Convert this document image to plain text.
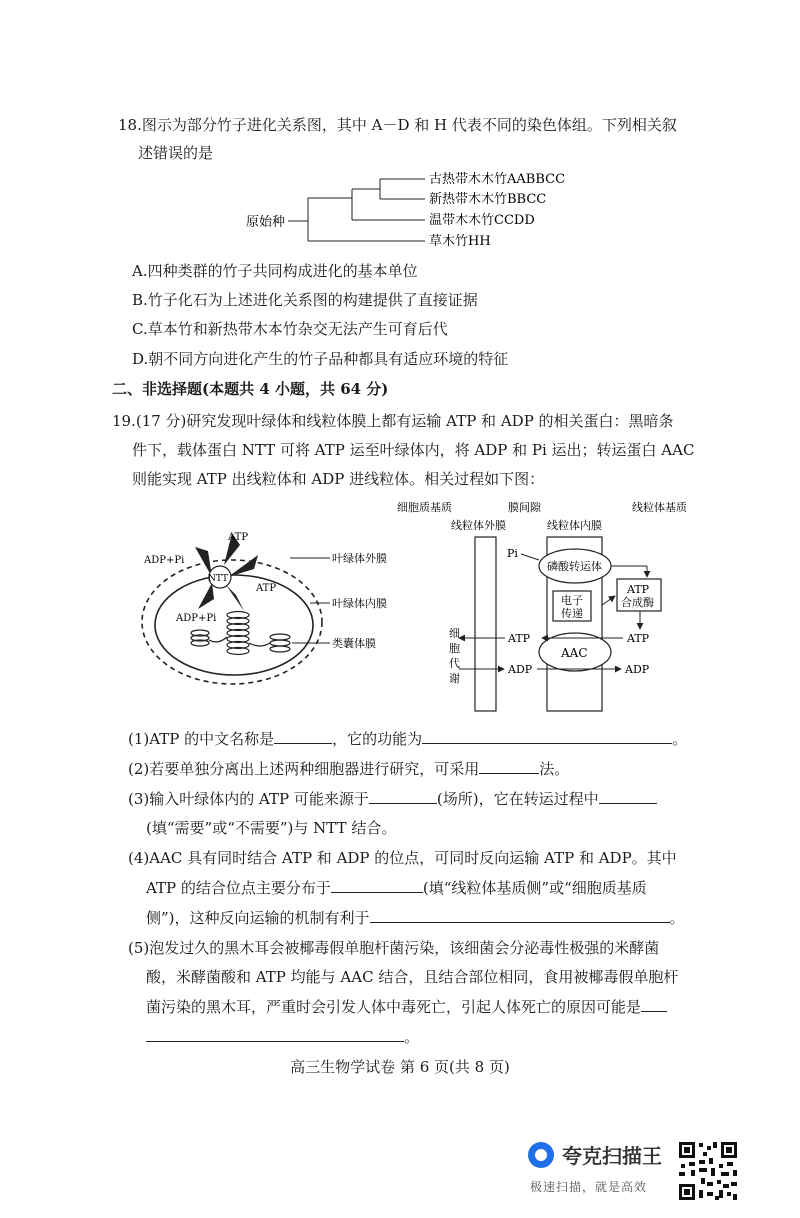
18.图示为部分竹子进化关系图，其中 A－D 和 H 代表不同的染色体组。下列相关叙
述错误的是
原始种
古热带木木竹AABBCC
新热带木木竹BBCC
温带木木竹CCDD
草木竹HH
A.四种类群的竹子共同构成进化的基本单位
B.竹子化石为上述进化关系图的构建提供了直接证据
C.草本竹和新热带木本竹杂交无法产生可育后代
D.朝不同方向进化产生的竹子品种都具有适应环境的特征
二、非选择题(本题共 4 小题，共 64 分)
19.(17 分)研究发现叶绿体和线粒体膜上都有运输 ATP 和 ADP 的相关蛋白：黑暗条
件下，载体蛋白 NTT 可将 ATP 运至叶绿体内，将 ADP 和 Pi 运出；转运蛋白 AAC
则能实现 ATP 出线粒体和 ADP 进线粒体。相关过程如下图：
NTT
ATP
ADP+Pi
ATP
ADP+Pi
叶绿体外膜
叶绿体内膜
类囊体膜
细胞质基质	膜间隙	线粒体基质
线粒体外膜	线粒体内膜
磷酸转运体
Pi
电子
传递
ATP
合成酶
AAC
ATP
ATP
ADP	ADP
细
胞
代
谢
(1)ATP 的中文名称是	，它的功能为	。
(2)若要单独分离出上述两种细胞器进行研究，可采用	法。
(3)输入叶绿体内的 ATP 可能来源于	(场所)，它在转运过程中
(填“需要”或“不需要”)与 NTT 结合。
(4)AAC 具有同时结合 ATP 和 ADP 的位点，可同时反向运输 ATP 和 ADP。其中
ATP 的结合位点主要分布于	(填“线粒体基质侧”或“细胞质基质
侧”)，这种反向运输的机制有利于	。
(5)泡发过久的黑木耳会被椰毒假单胞杆菌污染，该细菌会分泌毒性极强的米酵菌
酸，米酵菌酸和 ATP 均能与 AAC 结合，且结合部位相同，食用被椰毒假单胞杆
菌污染的黑木耳，严重时会引发人体中毒死亡，引起人体死亡的原因可能是
。
高三生物学试卷 第 6 页(共 8 页)
夸克扫描王
极速扫描，就是高效
